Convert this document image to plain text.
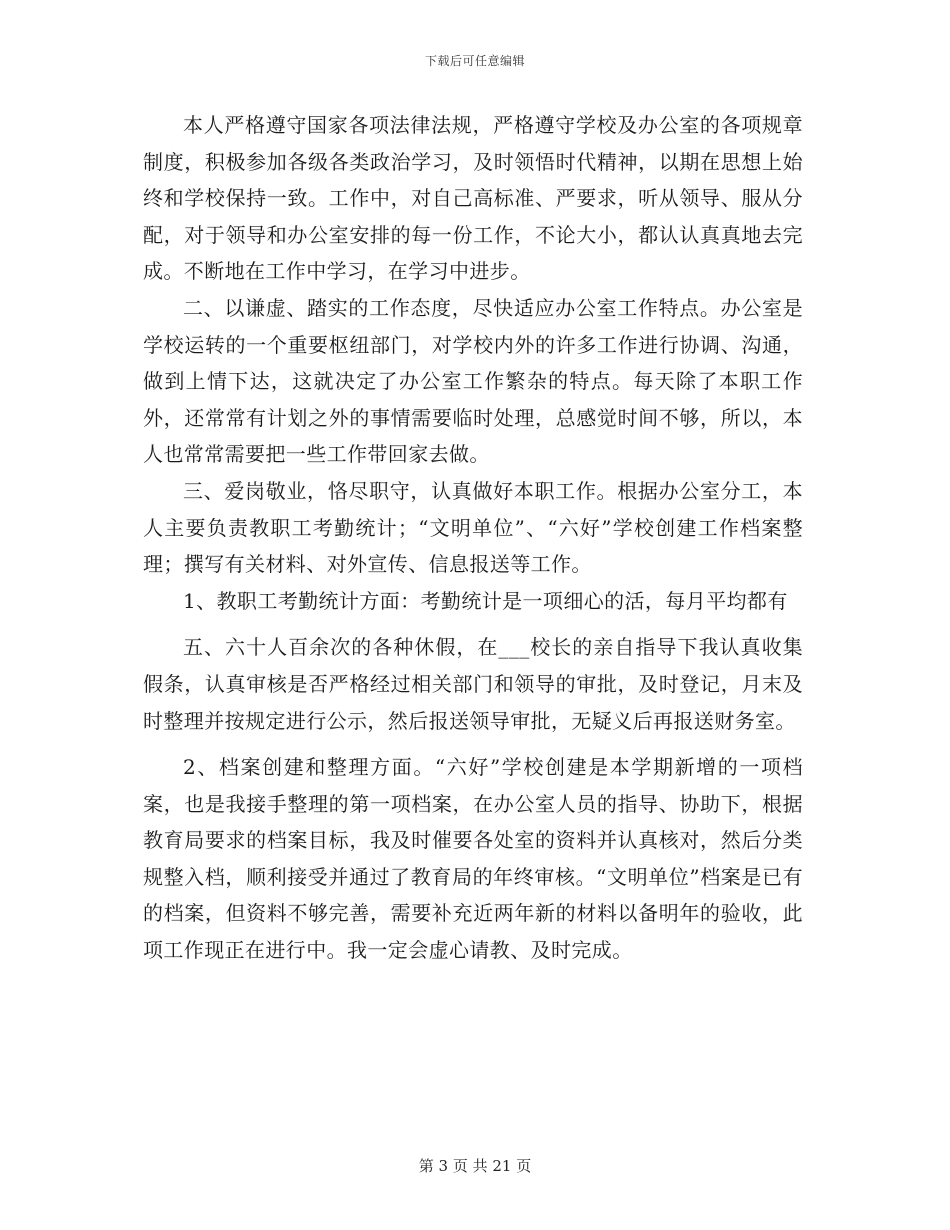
下载后可任意编辑

本人严格遵守国家各项法律法规，严格遵守学校及办公室的各项规章制度，积极参加各级各类政治学习，及时领悟时代精神，以期在思想上始终和学校保持一致。工作中，对自己高标准、严要求，听从领导、服从分配，对于领导和办公室安排的每一份工作，不论大小，都认认真真地去完成。不断地在工作中学习，在学习中进步。

二、以谦虚、踏实的工作态度，尽快适应办公室工作特点。办公室是学校运转的一个重要枢纽部门，对学校内外的许多工作进行协调、沟通，做到上情下达，这就决定了办公室工作繁杂的特点。每天除了本职工作外，还常常有计划之外的事情需要临时处理，总感觉时间不够，所以，本人也常常需要把一些工作带回家去做。

三、爱岗敬业，恪尽职守，认真做好本职工作。根据办公室分工，本人主要负责教职工考勤统计；“文明单位”、“六好”学校创建工作档案整理；撰写有关材料、对外宣传、信息报送等工作。

1、教职工考勤统计方面：考勤统计是一项细心的活，每月平均都有

五、六十人百余次的各种休假，在___校长的亲自指导下我认真收集假条，认真审核是否严格经过相关部门和领导的审批，及时登记，月末及时整理并按规定进行公示，然后报送领导审批，无疑义后再报送财务室。

2、档案创建和整理方面。“六好”学校创建是本学期新增的一项档案，也是我接手整理的第一项档案，在办公室人员的指导、协助下，根据教育局要求的档案目标，我及时催要各处室的资料并认真核对，然后分类规整入档，顺利接受并通过了教育局的年终审核。“文明单位”档案是已有的档案，但资料不够完善，需要补充近两年新的材料以备明年的验收，此项工作现正在进行中。我一定会虚心请教、及时完成。

第 3 页 共 21 页
